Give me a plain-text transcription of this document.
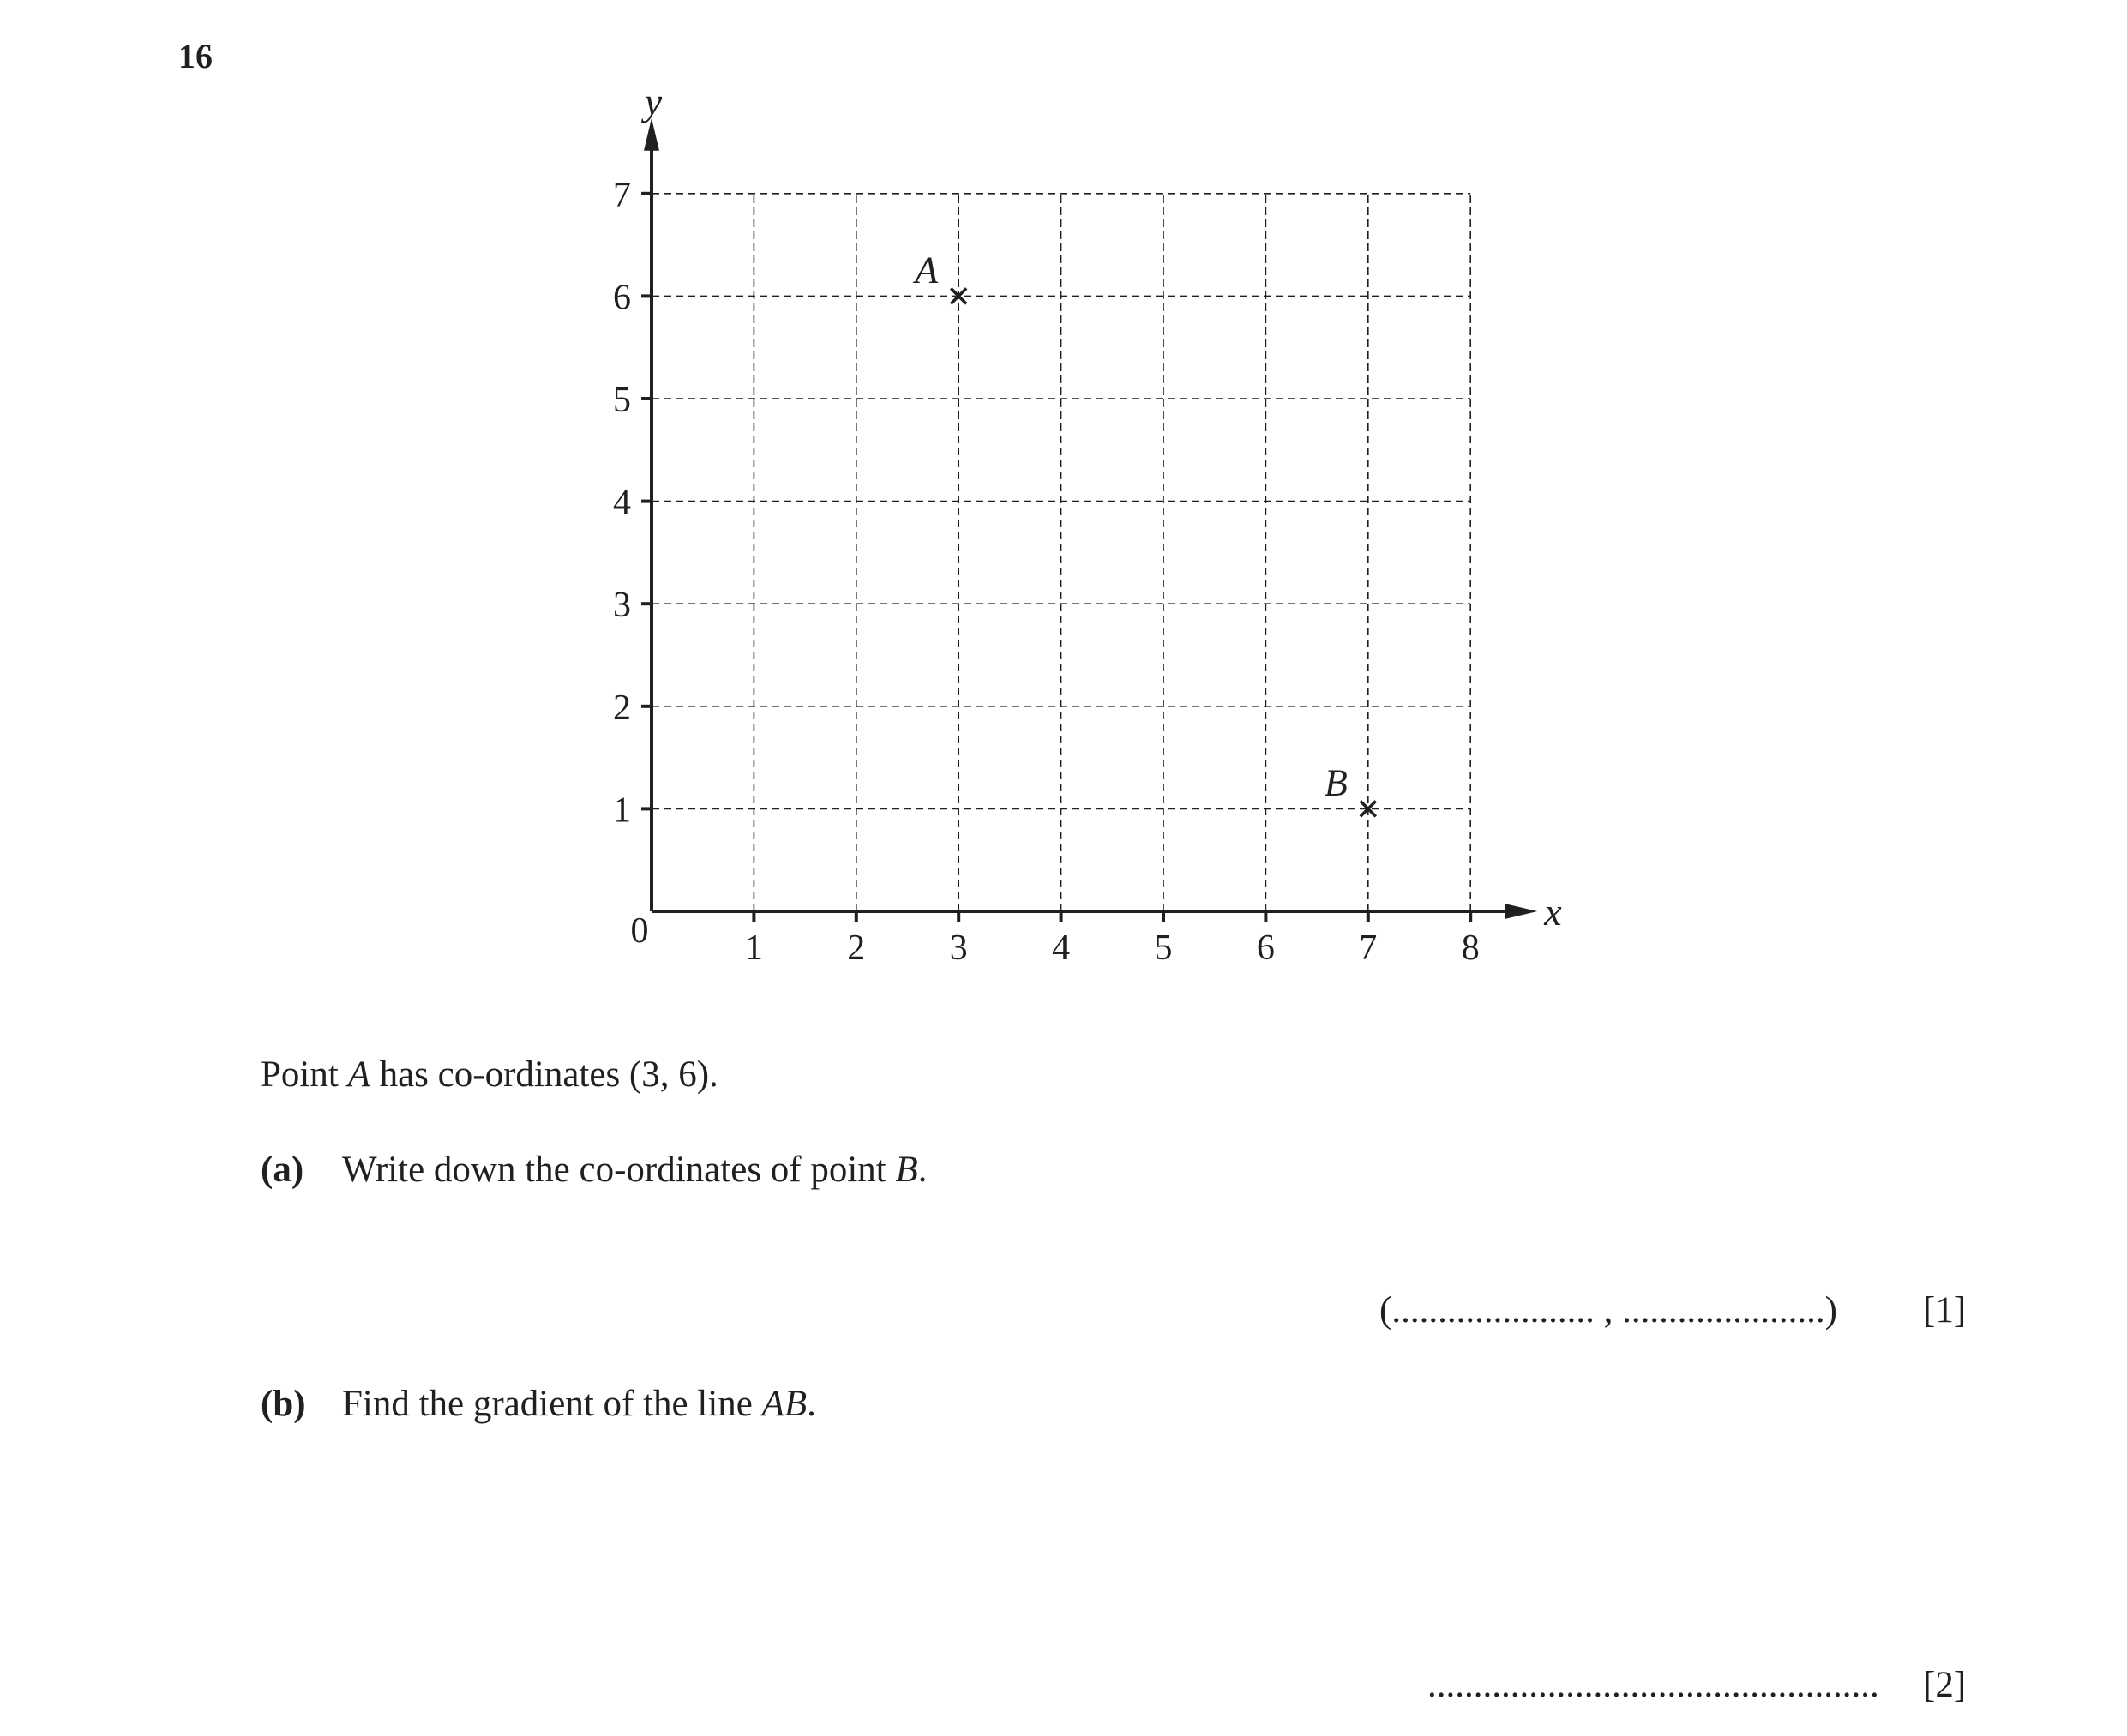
16
x
y
0	1 2 3 4 5 6 7 8
1
2
3
4
5
6
7
A
B
Point A has co-ordinates (3, 6).
(a) Write down the co-ordinates of point B.
(...................... , ......................) [1]
(b) Find the gradient of the line AB.
................................................. [2]
